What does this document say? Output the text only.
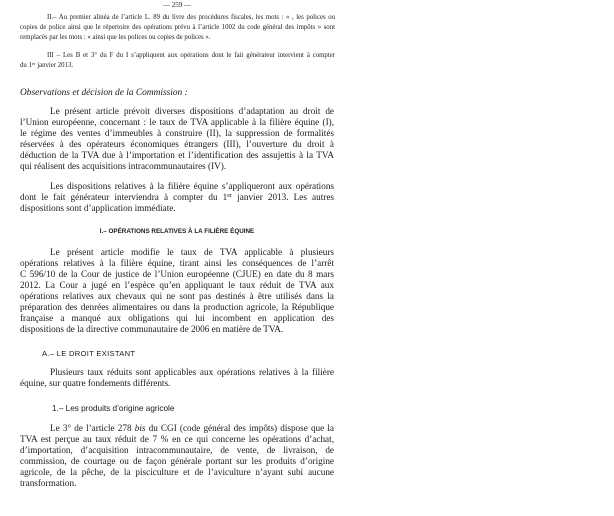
— 259 —
II.– Au premier alinéa de l’article L. 89 du livre des procédures fiscales, les mots : « , les polices ou
copies de police ainsi que le répertoire des opérations prévu à l’article 1002 du code général des impôts » sont
remplacés par les mots : « ainsi que les polices ou copies de polices ».
III – Les B et 3° du F du I s’appliquent aux opérations dont le fait générateur intervient à compter
du 1er janvier 2013.
Observations et décision de la Commission :
Le présent article prévoit diverses dispositions d’adaptation au droit de
l’Union européenne, concernant : le taux de TVA applicable à la filière équine (I),
le régime des ventes d’immeubles à construire (II), la suppression de formalités
réservées à des opérateurs économiques étrangers (III), l’ouverture du droit à
déduction de la TVA due à l’importation et l’identification des assujettis à la TVA
qui réalisent des acquisitions intracommunautaires (IV).
Les dispositions relatives à la filière équine s’appliqueront aux opérations
dont le fait générateur interviendra à compter du 1er janvier 2013. Les autres
dispositions sont d’application immédiate.
I.– OPÉRATIONS RELATIVES À LA FILIÈRE ÉQUINE
Le présent article modifie le taux de TVA applicable à plusieurs
opérations relatives à la filière équine, tirant ainsi les conséquences de l’arrêt
C 596/10 de la Cour de justice de l’Union européenne (CJUE) en date du 8 mars
2012. La Cour a jugé en l’espèce qu’en appliquant le taux réduit de TVA aux
opérations relatives aux chevaux qui ne sont pas destinés à être utilisés dans la
préparation des denrées alimentaires ou dans la production agricole, la République
française a manqué aux obligations qui lui incombent en application des
dispositions de la directive communautaire de 2006 en matière de TVA.
A.– LE DROIT EXISTANT
Plusieurs taux réduits sont applicables aux opérations relatives à la filière
équine, sur quatre fondements différents.
1.– Les produits d’origine agricole
Le 3° de l’article 278 bis du CGI (code général des impôts) dispose que la
TVA est perçue au taux réduit de 7 % en ce qui concerne les opérations d’achat,
d’importation, d’acquisition intracommunautaire, de vente, de livraison, de
commission, de courtage ou de façon générale portant sur les produits d’origine
agricole, de la pêche, de la pisciculture et de l’aviculture n’ayant subi aucune
transformation.
